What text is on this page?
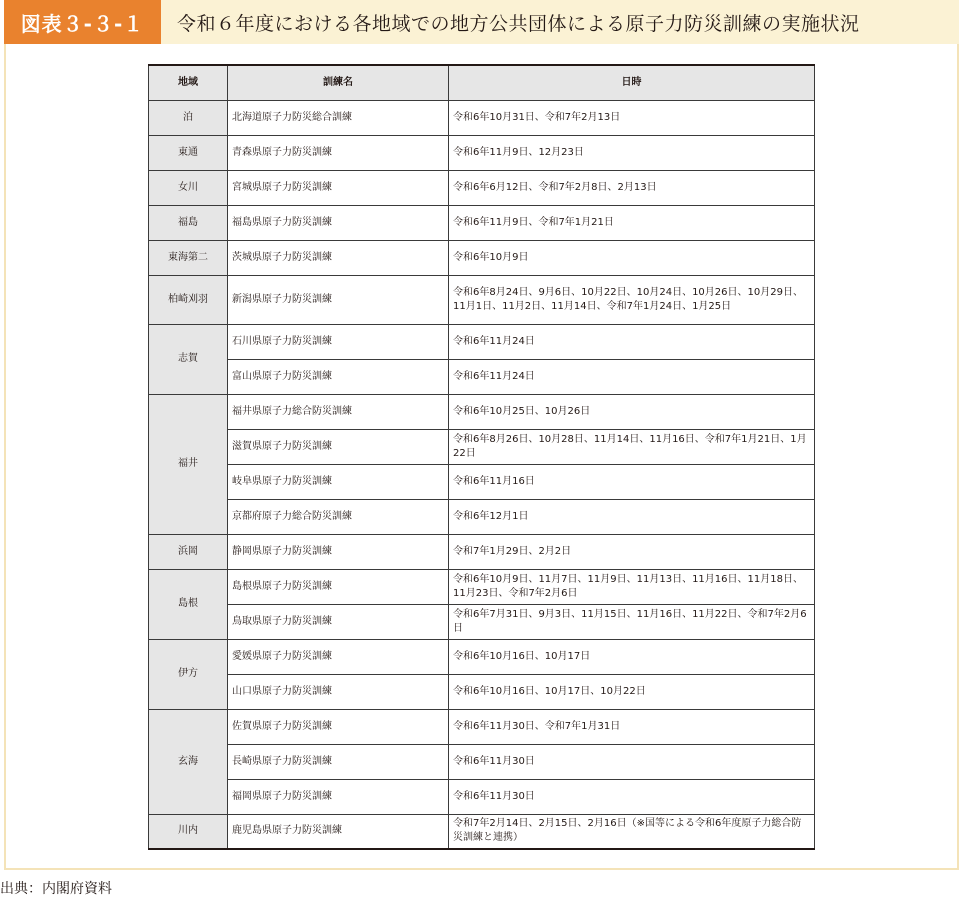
図表３-３-１	令和６年度における各地域での地方公共団体による原子力防災訓練の実施状況
地域	訓練名	日時
泊	北海道原子力防災総合訓練	令和6年10月31日、令和7年2月13日
東通	青森県原子力防災訓練	令和6年11月9日、12月23日
女川	宮城県原子力防災訓練	令和6年6月12日、令和7年2月8日、2月13日
福島	福島県原子力防災訓練	令和6年11月9日、令和7年1月21日
東海第二	茨城県原子力防災訓練	令和6年10月9日
柏崎刈羽	新潟県原子力防災訓練	令和6年8月24日、9月6日、10月22日、10月24日、10月26日、10月29日、11月1日、11月2日、11月14日、令和7年1月24日、1月25日
志賀	石川県原子力防災訓練	令和6年11月24日
	富山県原子力防災訓練	令和6年11月24日
福井	福井県原子力総合防災訓練	令和6年10月25日、10月26日
	滋賀県原子力防災訓練	令和6年8月26日、10月28日、11月14日、11月16日、令和7年1月21日、1月22日
	岐阜県原子力防災訓練	令和6年11月16日
	京都府原子力総合防災訓練	令和6年12月1日
浜岡	静岡県原子力防災訓練	令和7年1月29日、2月2日
島根	島根県原子力防災訓練	令和6年10月9日、11月7日、11月9日、11月13日、11月16日、11月18日、11月23日、令和7年2月6日
	鳥取県原子力防災訓練	令和6年7月31日、9月3日、11月15日、11月16日、11月22日、令和7年2月6日
伊方	愛媛県原子力防災訓練	令和6年10月16日、10月17日
	山口県原子力防災訓練	令和6年10月16日、10月17日、10月22日
玄海	佐賀県原子力防災訓練	令和6年11月30日、令和7年1月31日
	長崎県原子力防災訓練	令和6年11月30日
	福岡県原子力防災訓練	令和6年11月30日
川内	鹿児島県原子力防災訓練	令和7年2月14日、2月15日、2月16日（※国等による令和6年度原子力総合防災訓練と連携）
出典：内閣府資料
